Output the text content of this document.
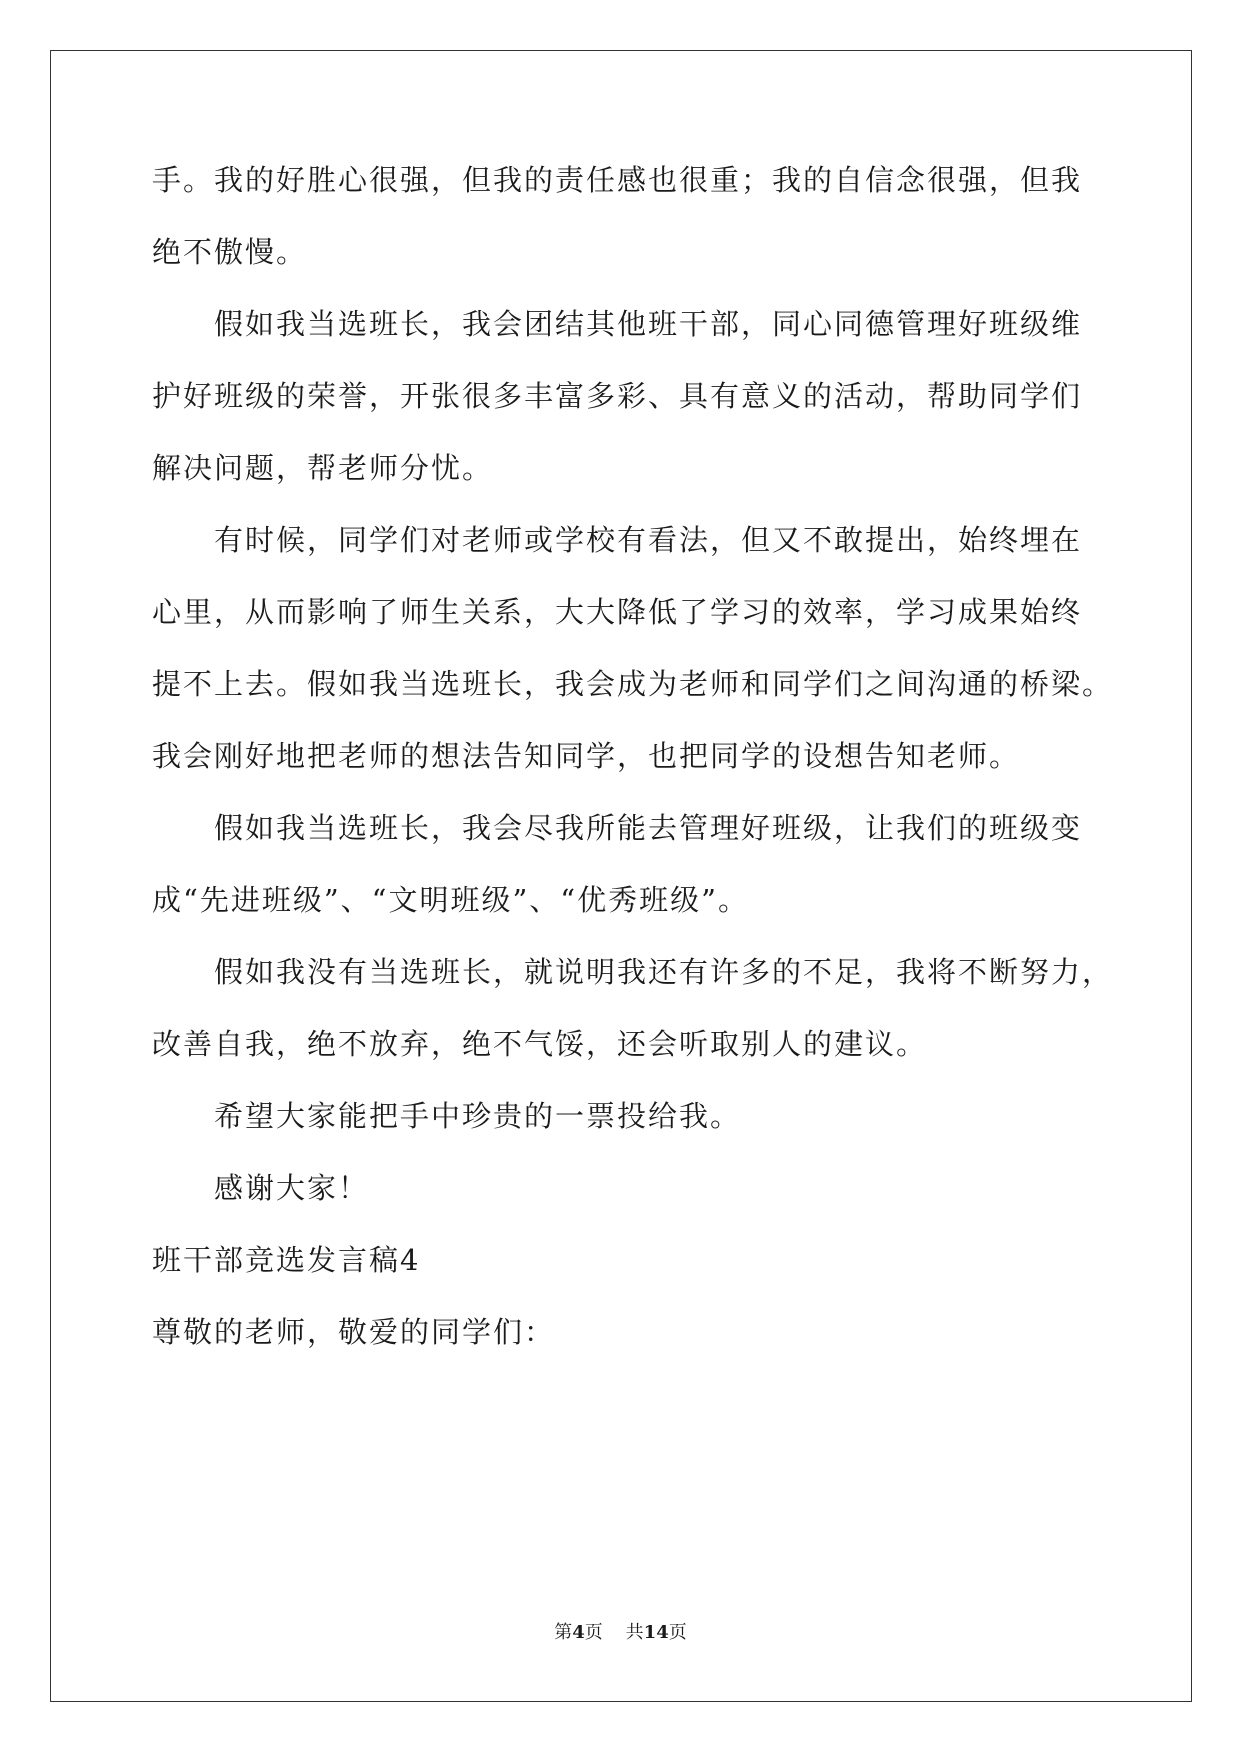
手。我的好胜心很强，但我的责任感也很重；我的自信念很强，但我
绝不傲慢。
假如我当选班长，我会团结其他班干部，同心同德管理好班级维
护好班级的荣誉，开张很多丰富多彩、具有意义的活动，帮助同学们
解决问题，帮老师分忧。
有时候，同学们对老师或学校有看法，但又不敢提出，始终埋在
心里，从而影响了师生关系，大大降低了学习的效率，学习成果始终
提不上去。假如我当选班长，我会成为老师和同学们之间沟通的桥梁。
我会刚好地把老师的想法告知同学，也把同学的设想告知老师。
假如我当选班长，我会尽我所能去管理好班级，让我们的班级变
成“先进班级”、“文明班级”、“优秀班级”。
假如我没有当选班长，就说明我还有许多的不足，我将不断努力，
改善自我，绝不放弃，绝不气馁，还会听取别人的建议。
希望大家能把手中珍贵的一票投给我。
感谢大家！
班干部竞选发言稿4
尊敬的老师，敬爱的同学们：
第4页 共14页
